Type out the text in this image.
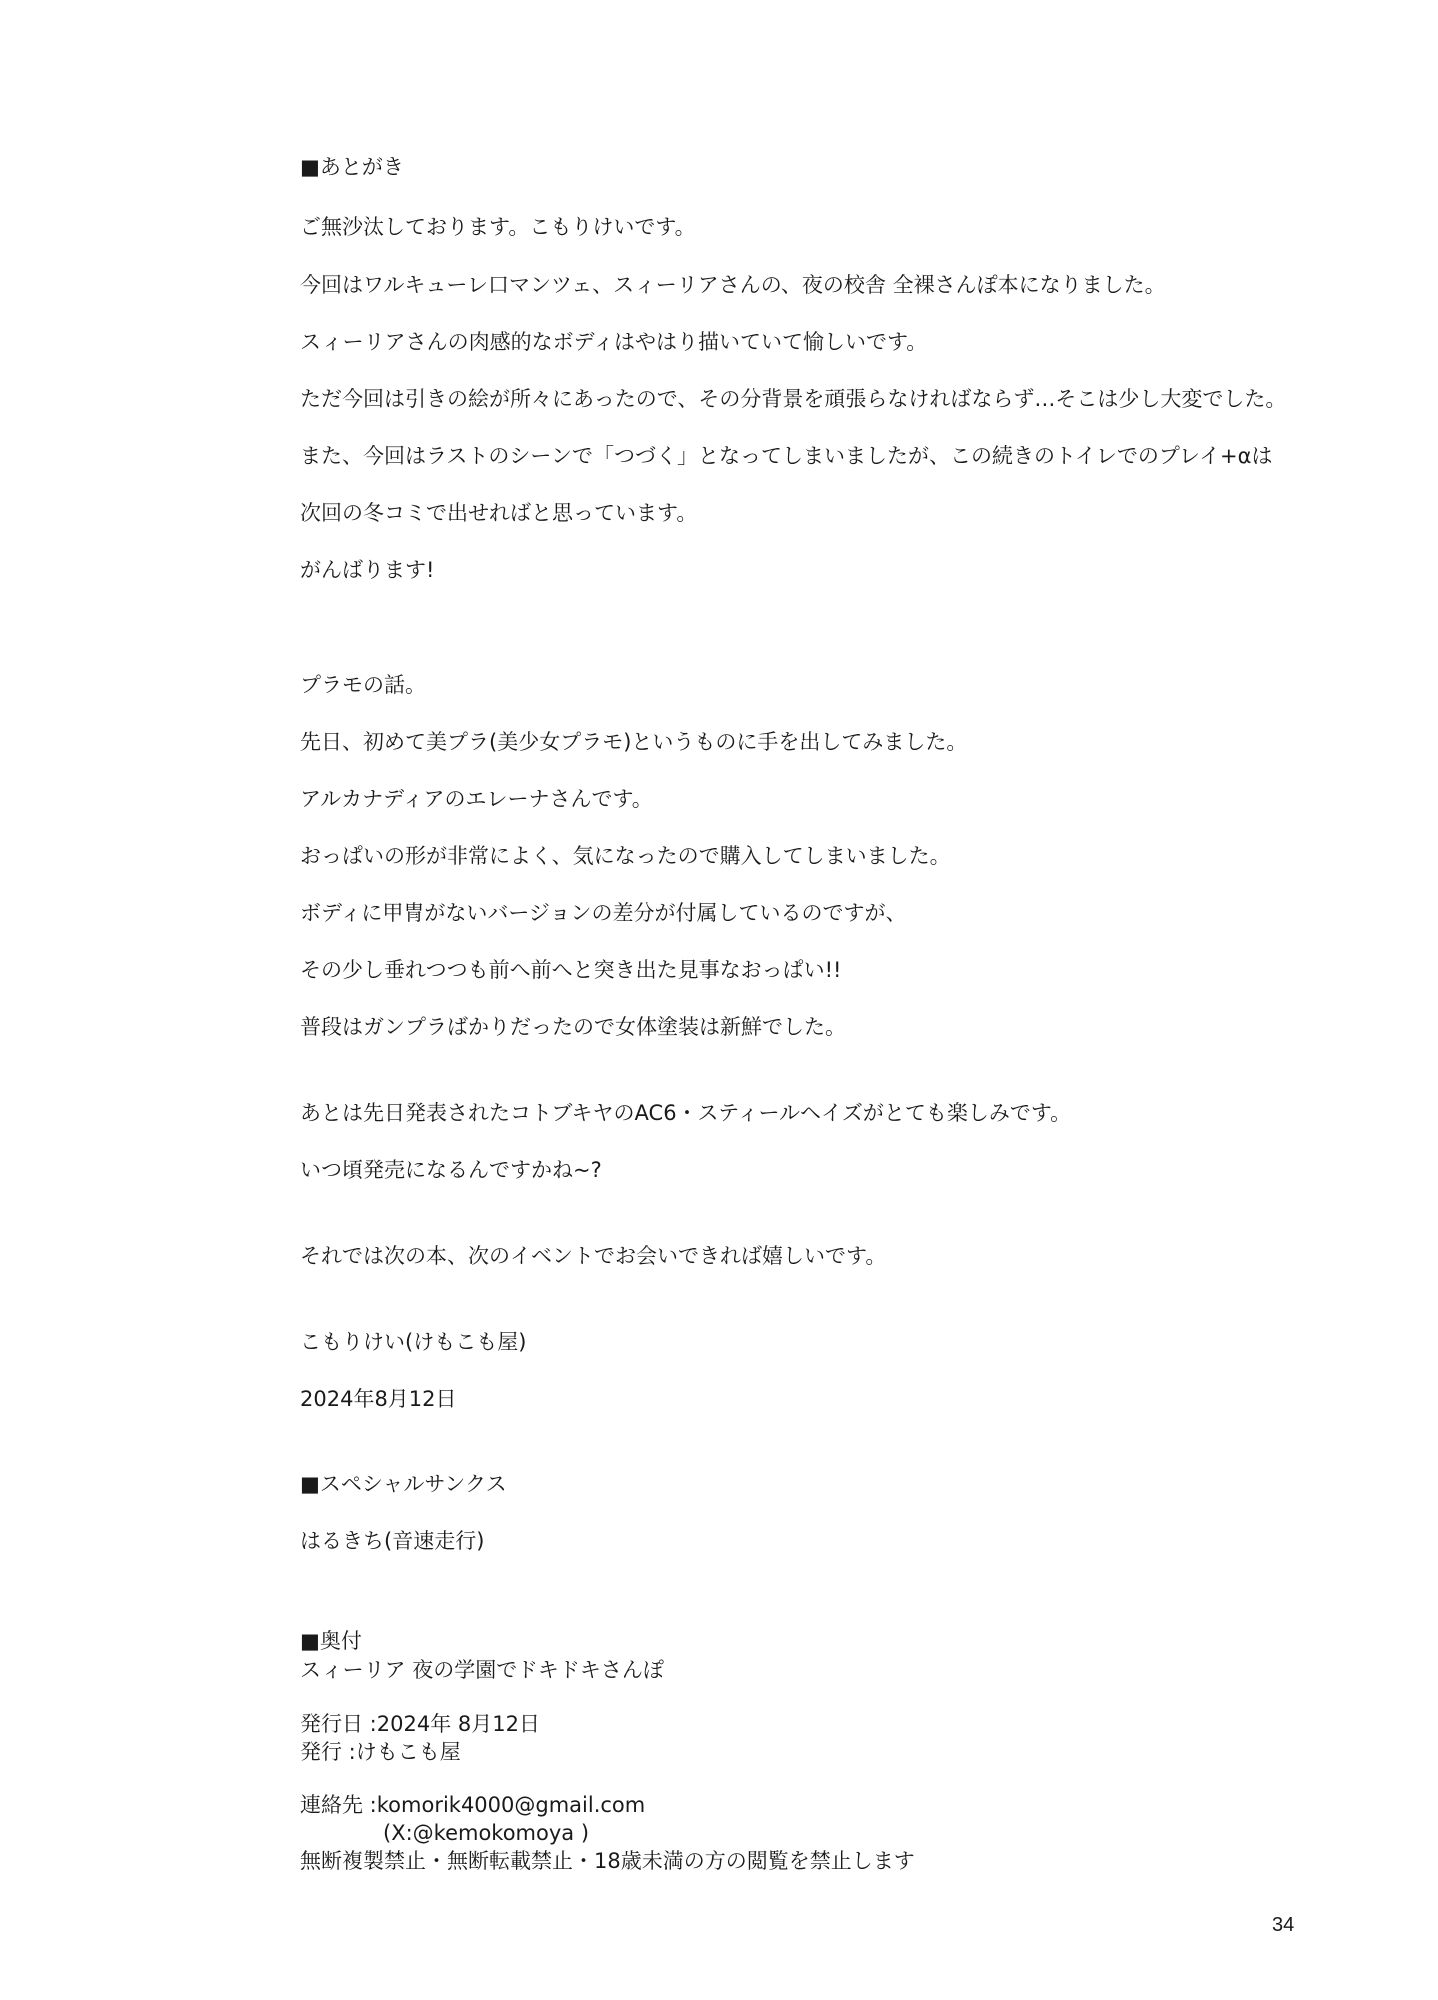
■あとがき
ご無沙汰しております。こもりけいです。
今回はワルキューレ口マンツェ、スィーリアさんの、夜の校舎 全裸さんぽ本になりました。
スィーリアさんの肉感的なボディはやはり描いていて愉しいです。
ただ今回は引きの絵が所々にあったので、その分背景を頑張らなければならず…そこは少し大変でした。
また、今回はラストのシーンで「つづく」となってしまいましたが、この続きのトイレでのプレイ+αは
次回の冬コミで出せればと思っています。
がんばります!
プラモの話。
先日、初めて美プラ(美少女プラモ)というものに手を出してみました。
アルカナディアのエレーナさんです。
おっぱいの形が非常によく、気になったので購入してしまいました。
ボディに甲冑がないバージョンの差分が付属しているのですが、
その少し垂れつつも前へ前へと突き出た見事なおっぱい!!
普段はガンプラばかりだったので女体塗装は新鮮でした。
あとは先日発表されたコトブキヤのAC6・スティールヘイズがとても楽しみです。
いつ頃発売になるんですかね~?
それでは次の本、次のイベントでお会いできれば嬉しいです。
こもりけい(けもこも屋)
2024年8月12日
■スペシャルサンクス
はるきち(音速走行)
■奥付
スィーリア 夜の学園でドキドキさんぽ
発行日 :2024年 8月12日
発行 :けもこも屋
連絡先 :komorik4000@gmail.com
(X:@kemokomoya )
無断複製禁止・無断転載禁止・18歳未満の方の閲覧を禁止します
34
